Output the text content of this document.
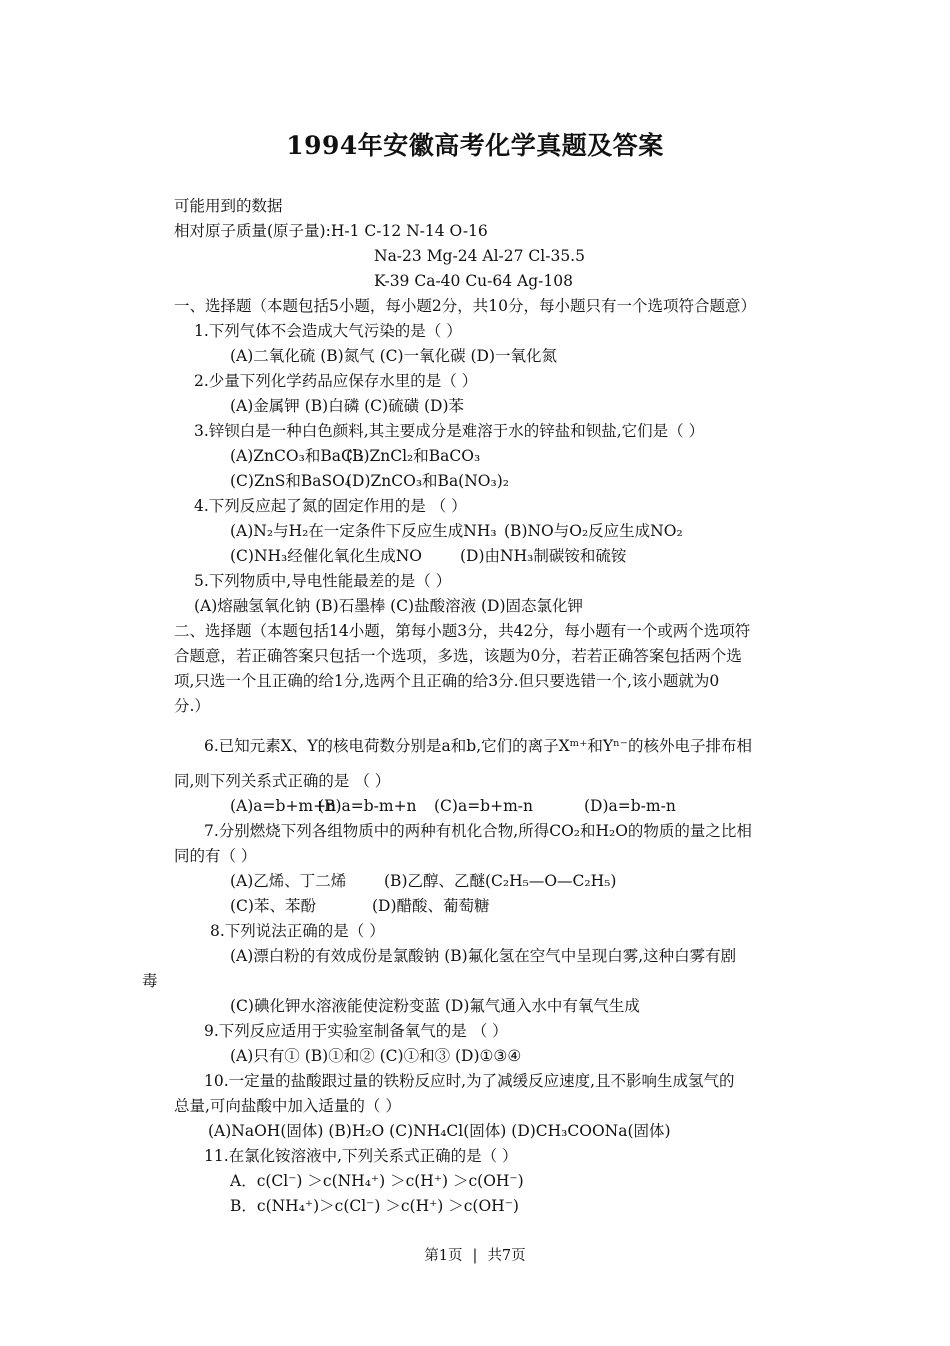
1994年安徽高考化学真题及答案
可能用到的数据
相对原子质量(原子量):H-1 C-12 N-14 O-16
Na-23 Mg-24 Al-27 Cl-35.5
K-39 Ca-40 Cu-64 Ag-108
一、选择题（本题包括5小题，每小题2分，共10分，每小题只有一个选项符合题意）
1.下列气体不会造成大气污染的是（ ）
(A)二氧化硫 (B)氮气 (C)一氧化碳 (D)一氧化氮
2.少量下列化学药品应保存水里的是（ ）
(A)金属钾 (B)白磷 (C)硫磺 (D)苯
3.锌钡白是一种白色颜料,其主要成分是难溶于水的锌盐和钡盐,它们是（ ）
(A)ZnCO₃和BaCl₂
(B)ZnCl₂和BaCO₃
(C)ZnS和BaSO₄
(D)ZnCO₃和Ba(NO₃)₂
4.下列反应起了氮的固定作用的是 （ ）
(A)N₂与H₂在一定条件下反应生成NH₃ (B)NO与O₂反应生成NO₂
(C)NH₃经催化氧化生成NO (D)由NH₃制碳铵和硫铵
5.下列物质中,导电性能最差的是（ ）
(A)熔融氢氧化钠 (B)石墨棒 (C)盐酸溶液 (D)固态氯化钾
二、选择题（本题包括14小题，第每小题3分，共42分，每小题有一个或两个选项符
合题意，若正确答案只包括一个选项，多选，该题为0分，若若正确答案包括两个选
项,只选一个且正确的给1分,选两个且正确的给3分.但只要选错一个,该小题就为0
分.）
6.已知元素X、Y的核电荷数分别是a和b,它们的离子Xᵐ⁺和Yⁿ⁻的核外电子排布相
同,则下列关系式正确的是 （ ）
(A)a=b+m+n
(B)a=b-m+n (C)a=b+m-n	(D)a=b-m-n
7.分别燃烧下列各组物质中的两种有机化合物,所得CO₂和H₂O的物质的量之比相
同的有（ ）
(A)乙烯、丁二烯 (B)乙醇、乙醚(C₂H₅—O—C₂H₅)
(C)苯、苯酚	(D)醋酸、葡萄糖
8.下列说法正确的是（ ）
(A)漂白粉的有效成份是氯酸钠 (B)氟化氢在空气中呈现白雾,这种白雾有剧
毒
(C)碘化钾水溶液能使淀粉变蓝 (D)氟气通入水中有氧气生成
9.下列反应适用于实验室制备氧气的是 （ ）
(A)只有① (B)①和② (C)①和③ (D)①③④
10.一定量的盐酸跟过量的铁粉反应时,为了减缓反应速度,且不影响生成氢气的
总量,可向盐酸中加入适量的（ ）
(A)NaOH(固体) (B)H₂O (C)NH₄Cl(固体) (D)CH₃COONa(固体)
11.在氯化铵溶液中,下列关系式正确的是（ ）
A．c(Cl⁻) ＞c(NH₄⁺) ＞c(H⁺) ＞c(OH⁻)
B．c(NH₄⁺)＞c(Cl⁻) ＞c(H⁺) ＞c(OH⁻)
第1页 | 共7页
